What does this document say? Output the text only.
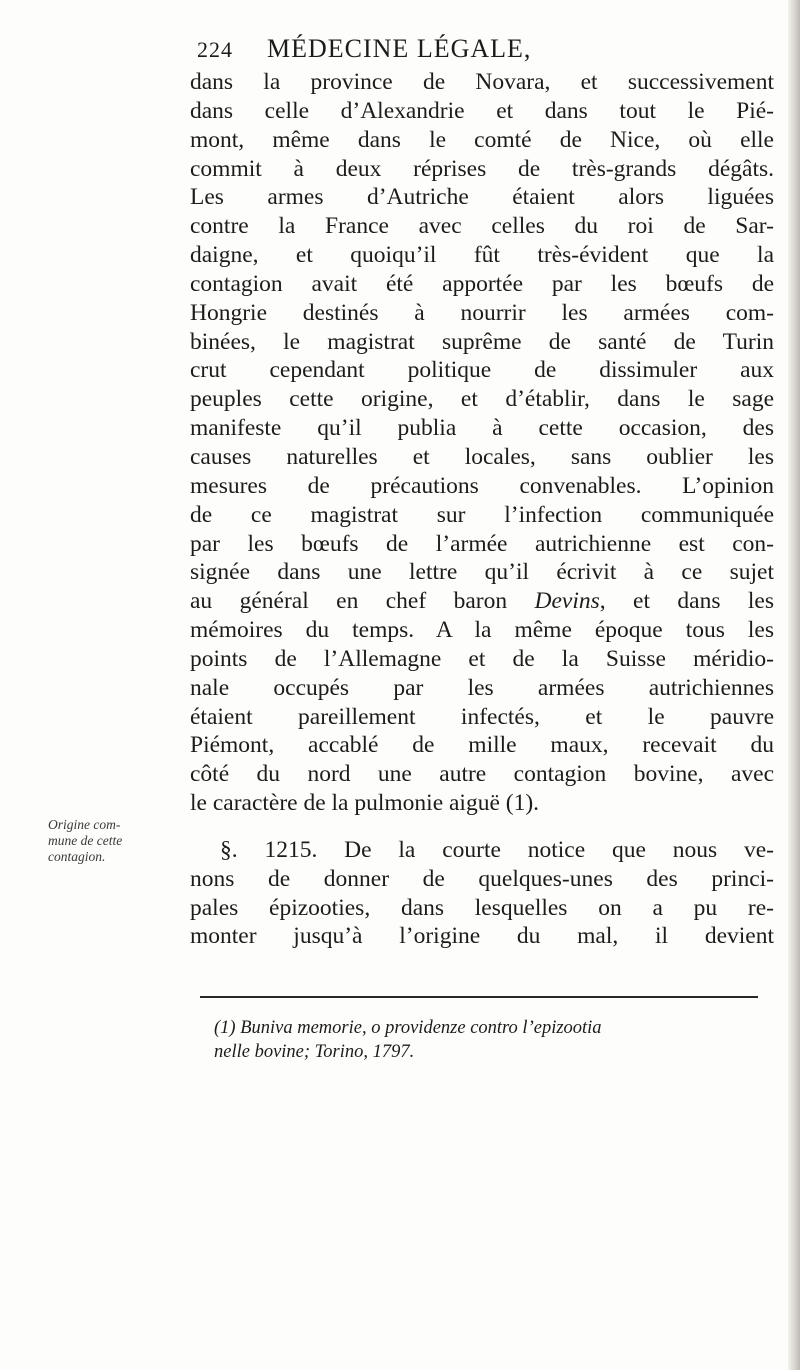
224 MÉDECINE LÉGALE,
dans la province de Novara, et successivement
dans celle d’Alexandrie et dans tout le Pié-
mont, même dans le comté de Nice, où elle
commit à deux réprises de très-grands dégâts.
Les armes d’Autriche étaient alors liguées
contre la France avec celles du roi de Sar-
daigne, et quoiqu’il fût très-évident que la
contagion avait été apportée par les bœufs de
Hongrie destinés à nourrir les armées com-
binées, le magistrat suprême de santé de Turin
crut cependant politique de dissimuler aux
peuples cette origine, et d’établir, dans le sage
manifeste qu’il publia à cette occasion, des
causes naturelles et locales, sans oublier les
mesures de précautions convenables. L’opinion
de ce magistrat sur l’infection communiquée
par les bœufs de l’armée autrichienne est con-
signée dans une lettre qu’il écrivit à ce sujet
au général en chef baron Devins, et dans les
mémoires du temps. A la même époque tous les
points de l’Allemagne et de la Suisse méridio-
nale occupés par les armées autrichiennes
étaient pareillement infectés, et le pauvre
Piémont, accablé de mille maux, recevait du
côté du nord une autre contagion bovine, avec
le caractère de la pulmonie aiguë (1).
§. 1215. De la courte notice que nous ve-
nons de donner de quelques-unes des princi-
pales épizooties, dans lesquelles on a pu re-
monter jusqu’à l’origine du mal, il devient
Origine com-
mune de cette
contagion.
(1) Buniva memorie, o providenze contro l’epizootia
nelle bovine; Torino, 1797.
